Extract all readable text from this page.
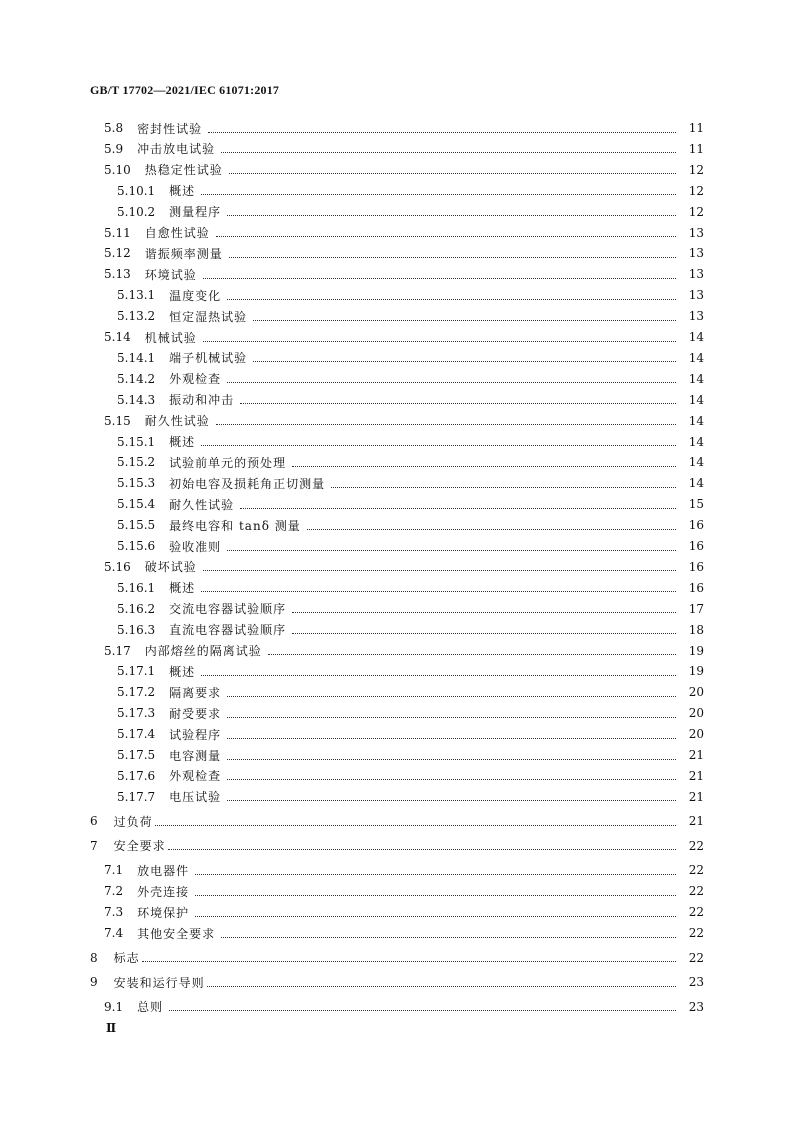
GB/T 17702—2021/IEC 61071:2017
5.8 密封性试验	11
5.9 冲击放电试验	11
5.10 热稳定性试验	12
5.10.1 概述	12
5.10.2 测量程序	12
5.11 自愈性试验	13
5.12 谐振频率测量	13
5.13 环境试验	13
5.13.1 温度变化	13
5.13.2 恒定湿热试验	13
5.14 机械试验	14
5.14.1 端子机械试验	14
5.14.2 外观检查	14
5.14.3 振动和冲击	14
5.15 耐久性试验	14
5.15.1 概述	14
5.15.2 试验前单元的预处理	14
5.15.3 初始电容及损耗角正切测量	14
5.15.4 耐久性试验	15
5.15.5 最终电容和 tanδ 测量	16
5.15.6 验收准则	16
5.16 破坏试验	16
5.16.1 概述	16
5.16.2 交流电容器试验顺序	17
5.16.3 直流电容器试验顺序	18
5.17 内部熔丝的隔离试验	19
5.17.1 概述	19
5.17.2 隔离要求	20
5.17.3 耐受要求	20
5.17.4 试验程序	20
5.17.5 电容测量	21
5.17.6 外观检查	21
5.17.7 电压试验	21
6 过负荷	21
7 安全要求	22
7.1 放电器件	22
7.2 外壳连接	22
7.3 环境保护	22
7.4 其他安全要求	22
8 标志	22
9 安装和运行导则	23
9.1 总则	23
Ⅱ
